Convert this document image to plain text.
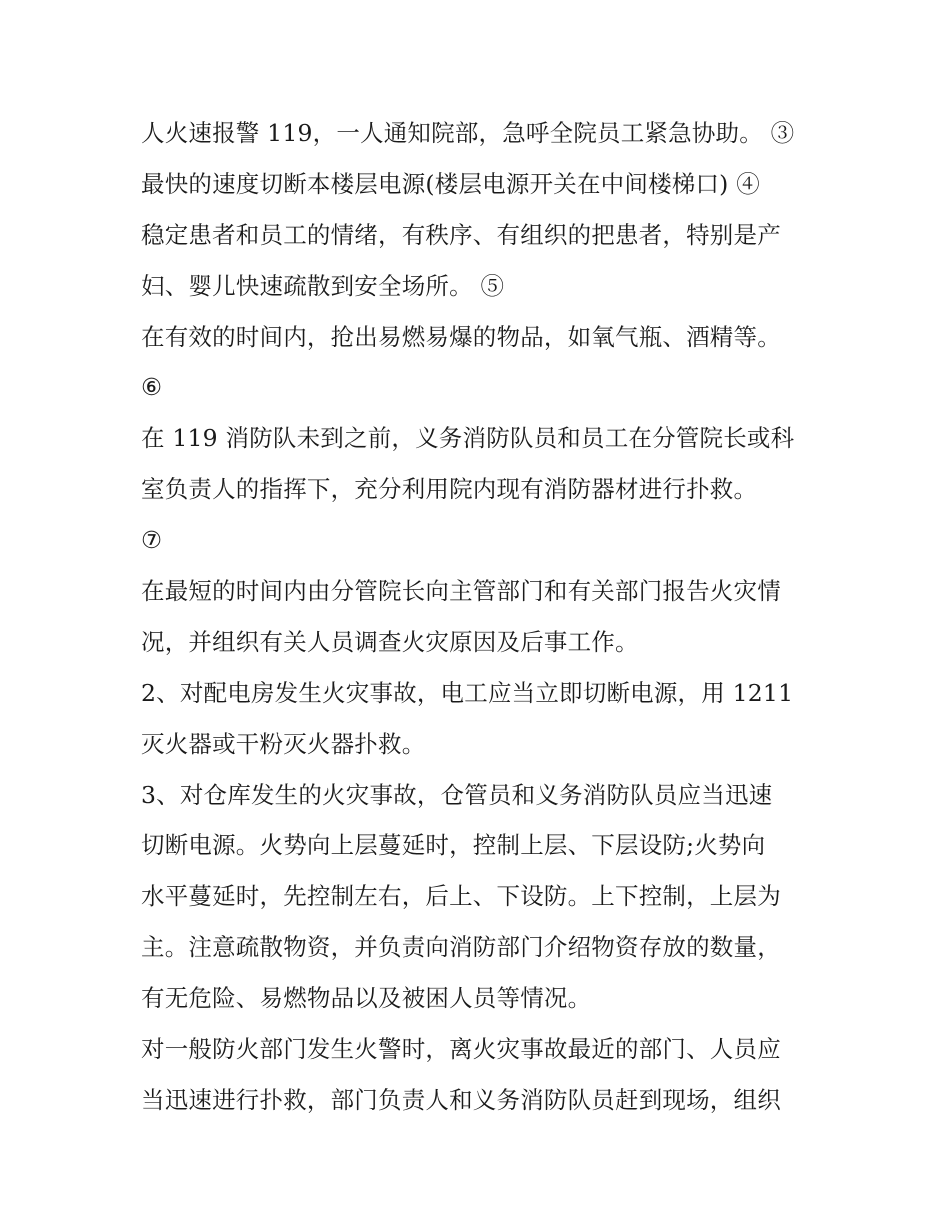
人火速报警 119，一人通知院部，急呼全院员工紧急协助。 ③
最快的速度切断本楼层电源(楼层电源开关在中间楼梯口) ④
稳定患者和员工的情绪，有秩序、有组织的把患者，特别是产
妇、婴儿快速疏散到安全场所。 ⑤
在有效的时间内，抢出易燃易爆的物品，如氧气瓶、酒精等。
⑥
在 119 消防队未到之前，义务消防队员和员工在分管院长或科
室负责人的指挥下，充分利用院内现有消防器材进行扑救。
⑦
在最短的时间内由分管院长向主管部门和有关部门报告火灾情
况，并组织有关人员调查火灾原因及后事工作。
2、对配电房发生火灾事故，电工应当立即切断电源，用 1211
灭火器或干粉灭火器扑救。
3、对仓库发生的火灾事故，仓管员和义务消防队员应当迅速
切断电源。火势向上层蔓延时，控制上层、下层设防;火势向
水平蔓延时，先控制左右，后上、下设防。上下控制，上层为
主。注意疏散物资，并负责向消防部门介绍物资存放的数量，
有无危险、易燃物品以及被困人员等情况。
对一般防火部门发生火警时，离火灾事故最近的部门、人员应
当迅速进行扑救，部门负责人和义务消防队员赶到现场，组织
